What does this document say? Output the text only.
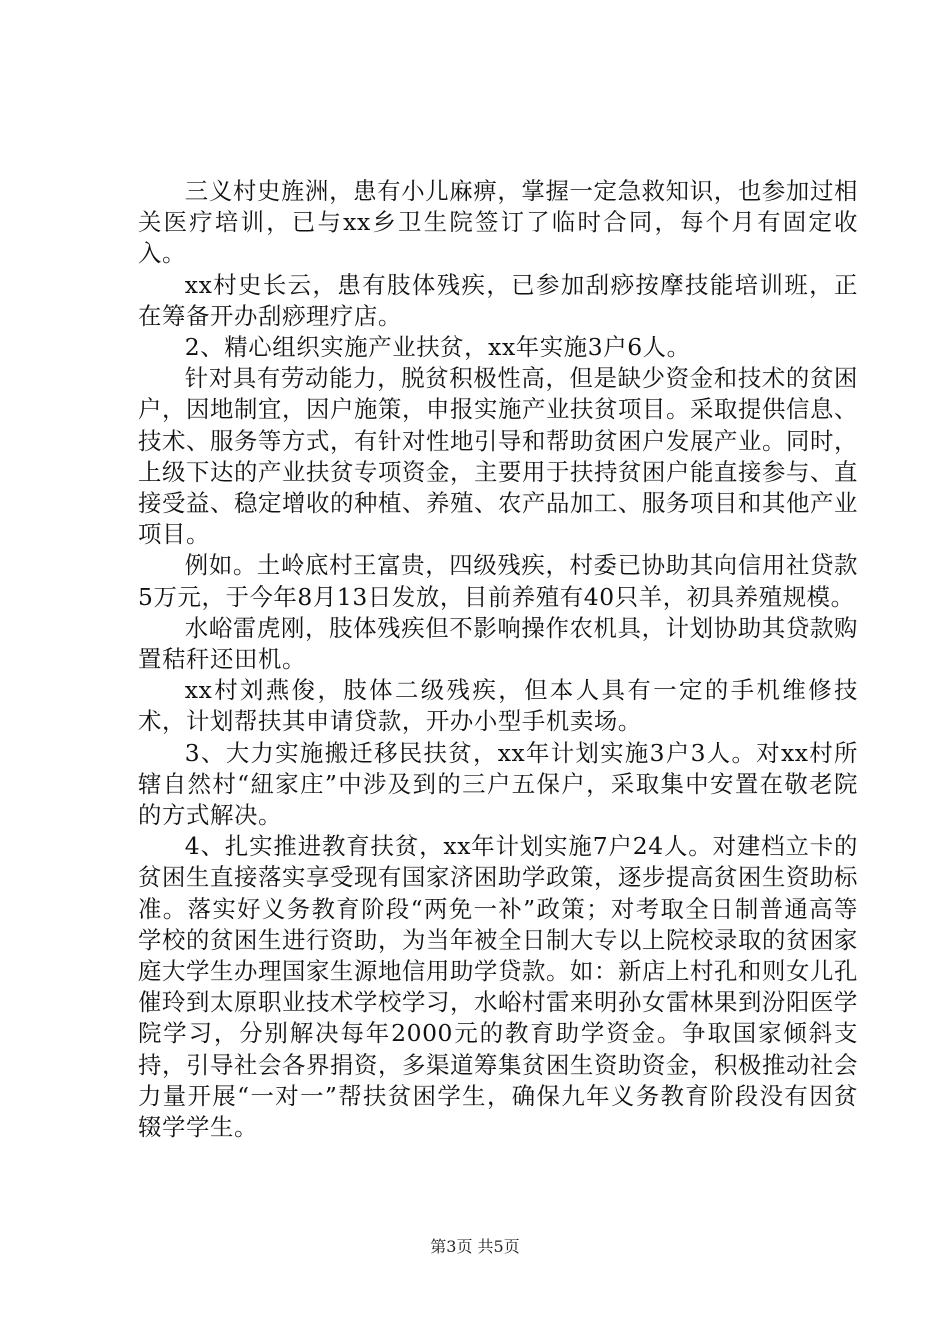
三义村史旌洲，患有小儿麻痹，掌握一定急救知识，也参加过相关医疗培训，已与xx乡卫生院签订了临时合同，每个月有固定收入。

xx村史长云，患有肢体残疾，已参加刮痧按摩技能培训班，正在筹备开办刮痧理疗店。

2、精心组织实施产业扶贫，xx年实施3户6人。

针对具有劳动能力，脱贫积极性高，但是缺少资金和技术的贫困户，因地制宜，因户施策，申报实施产业扶贫项目。采取提供信息、技术、服务等方式，有针对性地引导和帮助贫困户发展产业。同时，上级下达的产业扶贫专项资金，主要用于扶持贫困户能直接参与、直接受益、稳定增收的种植、养殖、农产品加工、服务项目和其他产业项目。

例如。土岭底村王富贵，四级残疾，村委已协助其向信用社贷款5万元，于今年8月13日发放，目前养殖有40只羊，初具养殖规模。

水峪雷虎刚，肢体残疾但不影响操作农机具，计划协助其贷款购置秸秆还田机。

xx村刘燕俊，肢体二级残疾，但本人具有一定的手机维修技术，计划帮扶其申请贷款，开办小型手机卖场。

3、大力实施搬迁移民扶贫，xx年计划实施3户3人。对xx村所辖自然村“紐家庄”中涉及到的三户五保户，采取集中安置在敬老院的方式解决。

4、扎实推进教育扶贫，xx年计划实施7户24人。对建档立卡的贫困生直接落实享受现有国家济困助学政策，逐步提高贫困生资助标准。落实好义务教育阶段“两免一补”政策；对考取全日制普通高等学校的贫困生进行资助，为当年被全日制大专以上院校录取的贫困家庭大学生办理国家生源地信用助学贷款。如：新店上村孔和则女儿孔催玲到太原职业技术学校学习，水峪村雷来明孙女雷林果到汾阳医学院学习，分别解决每年2000元的教育助学资金。争取国家倾斜支持，引导社会各界捐资，多渠道筹集贫困生资助资金，积极推动社会力量开展“一对一”帮扶贫困学生，确保九年义务教育阶段没有因贫辍学学生。

第3页 共5页
